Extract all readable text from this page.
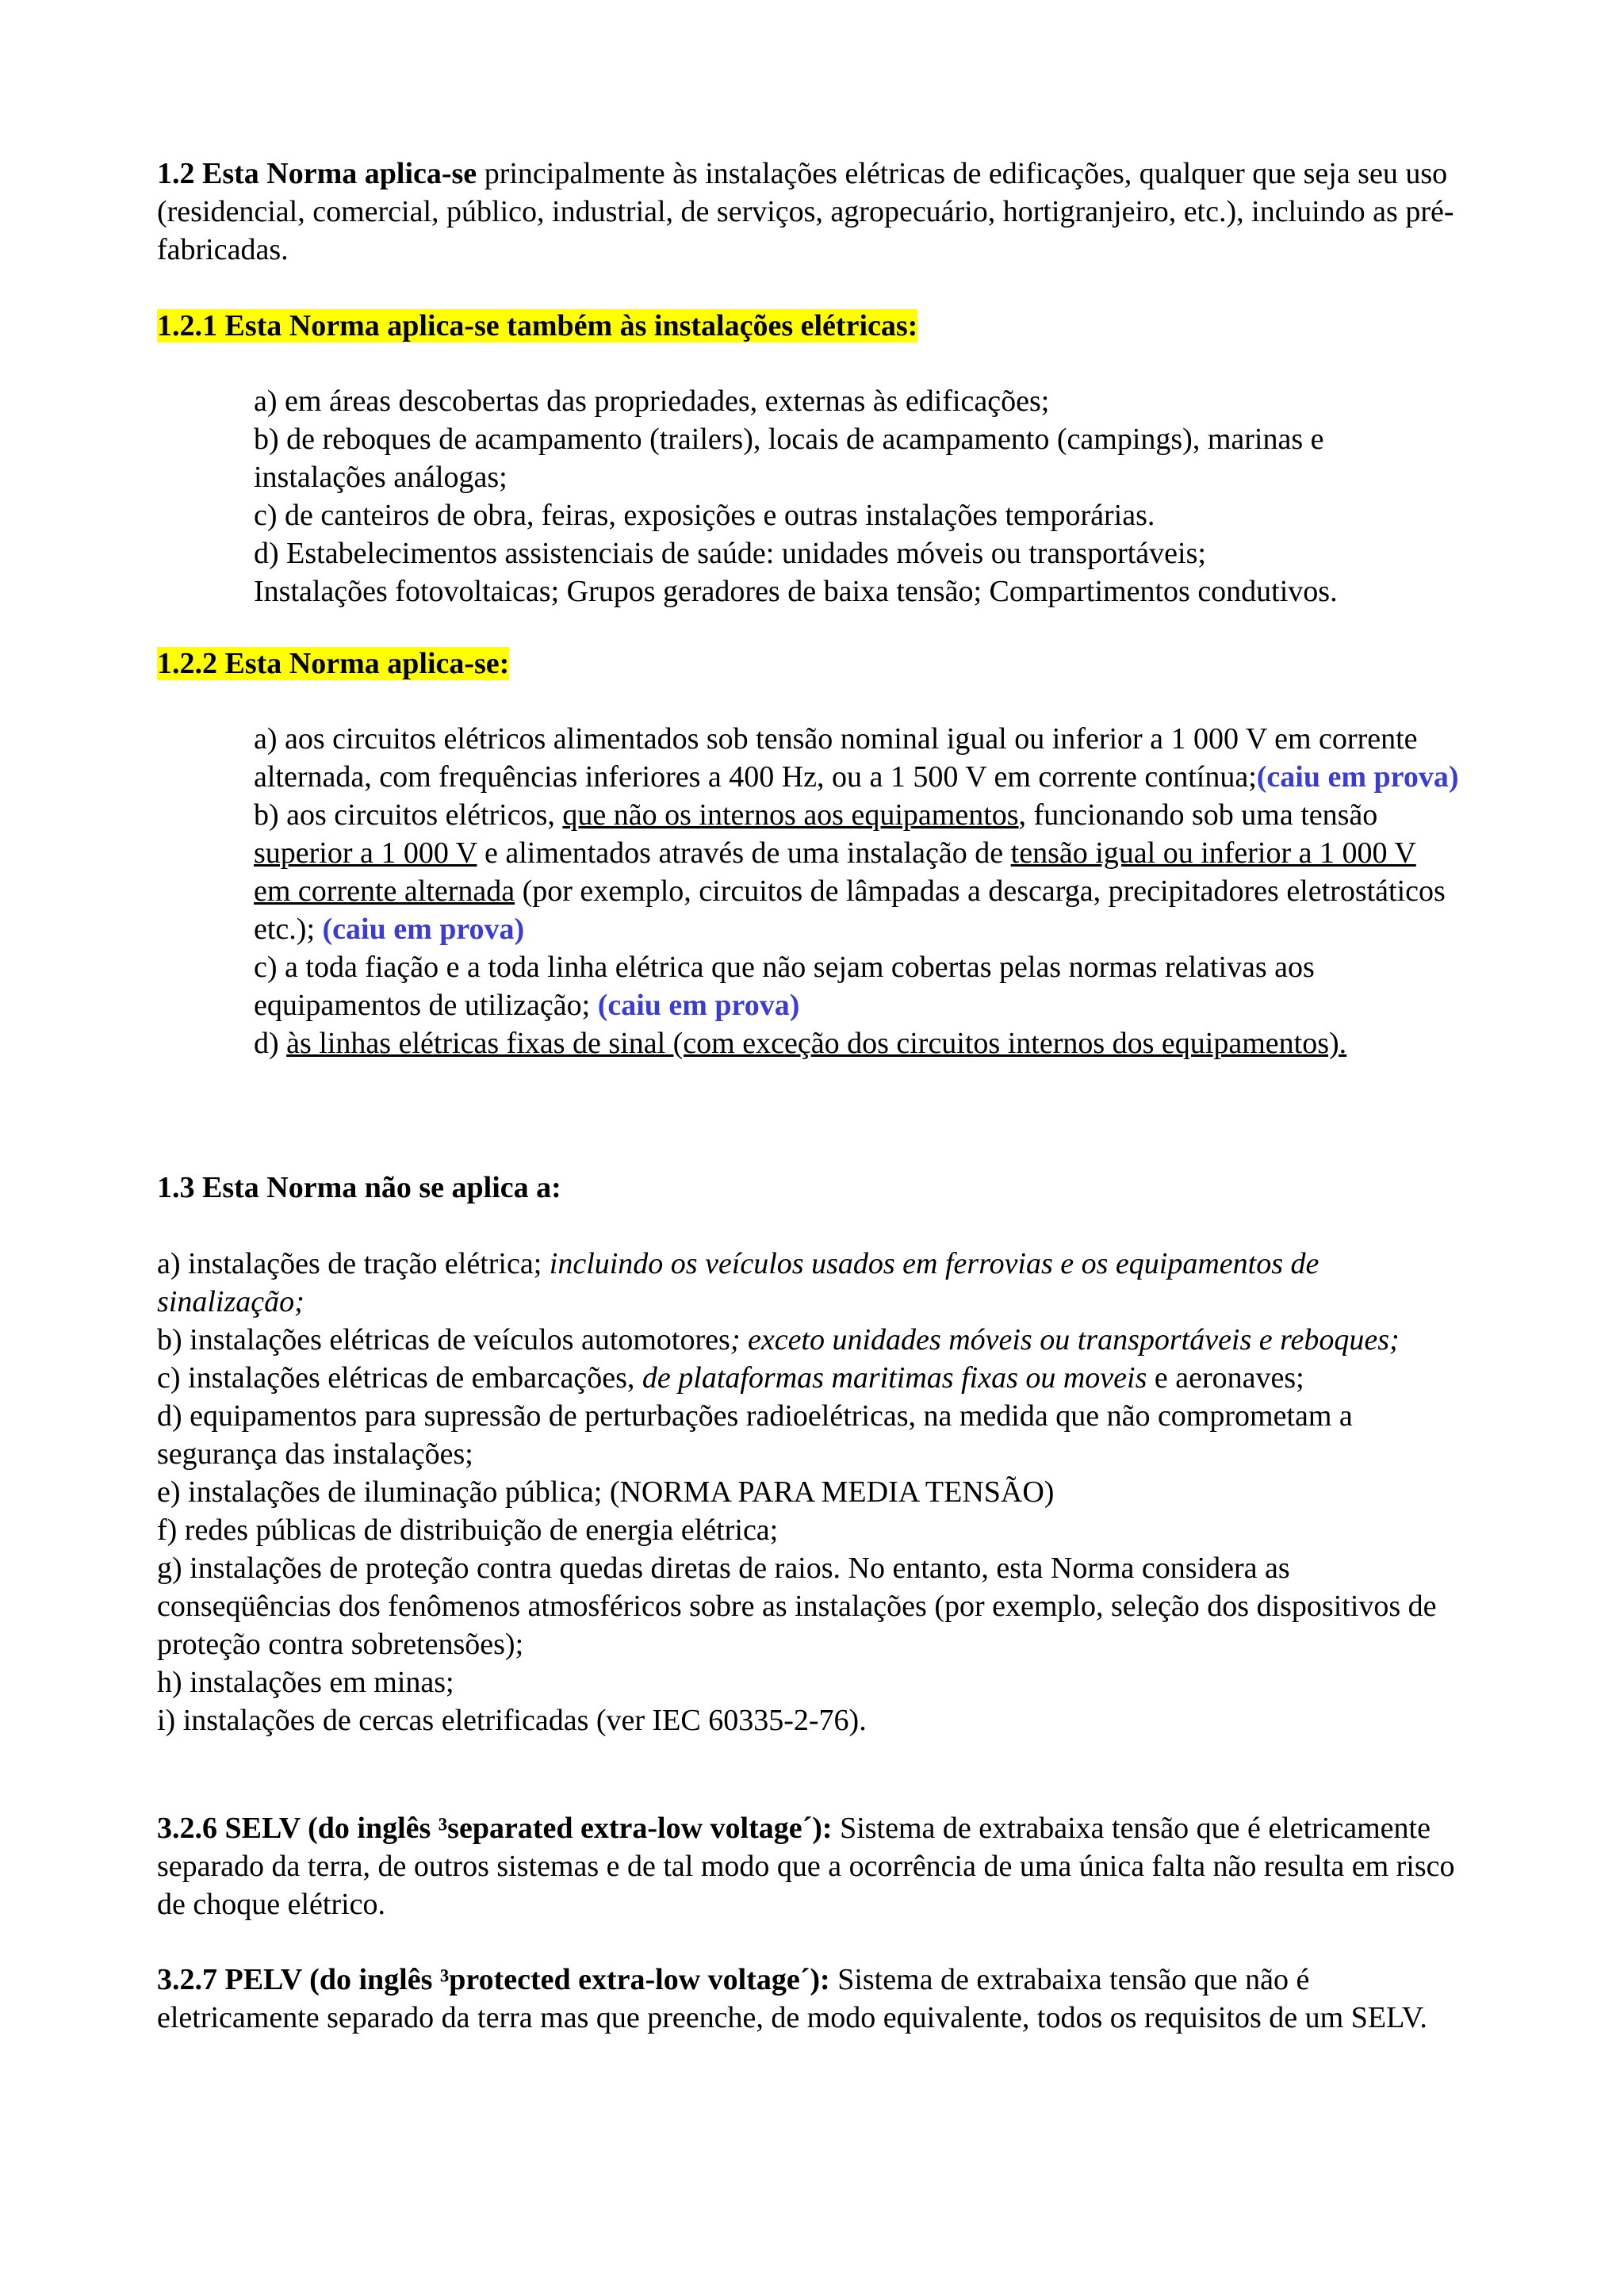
1.2 Esta Norma aplica-se principalmente às instalações elétricas de edificações, qualquer que seja seu uso (residencial, comercial, público, industrial, de serviços, agropecuário, hortigranjeiro, etc.), incluindo as pré-fabricadas.

1.2.1 Esta Norma aplica-se também às instalações elétricas:

a) em áreas descobertas das propriedades, externas às edificações;

b) de reboques de acampamento (trailers), locais de acampamento (campings), marinas e instalações análogas;

c) de canteiros de obra, feiras, exposições e outras instalações temporárias.

d) Estabelecimentos assistenciais de saúde: unidades móveis ou transportáveis;

Instalações fotovoltaicas; Grupos geradores de baixa tensão; Compartimentos condutivos.

1.2.2 Esta Norma aplica-se:

a) aos circuitos elétricos alimentados sob tensão nominal igual ou inferior a 1 000 V em corrente alternada, com frequências inferiores a 400 Hz, ou a 1 500 V em corrente contínua;(caiu em prova)

b) aos circuitos elétricos, que não os internos aos equipamentos, funcionando sob uma tensão superior a 1 000 V e alimentados através de uma instalação de tensão igual ou inferior a 1 000 V em corrente alternada (por exemplo, circuitos de lâmpadas a descarga, precipitadores eletrostáticos etc.); (caiu em prova)

c) a toda fiação e a toda linha elétrica que não sejam cobertas pelas normas relativas aos equipamentos de utilização; (caiu em prova)

d) às linhas elétricas fixas de sinal (com exceção dos circuitos internos dos equipamentos).

1.3 Esta Norma não se aplica a:

a) instalações de tração elétrica; incluindo os veículos usados em ferrovias e os equipamentos de sinalização;

b) instalações elétricas de veículos automotores; exceto unidades móveis ou transportáveis e reboques;

c) instalações elétricas de embarcações, de plataformas maritimas fixas ou moveis e aeronaves;

d) equipamentos para supressão de perturbações radioelétricas, na medida que não comprometam a segurança das instalações;

e) instalações de iluminação pública; (NORMA PARA MEDIA TENSÃO)

f) redes públicas de distribuição de energia elétrica;

g) instalações de proteção contra quedas diretas de raios. No entanto, esta Norma considera as conseqüências dos fenômenos atmosféricos sobre as instalações (por exemplo, seleção dos dispositivos de proteção contra sobretensões);

h) instalações em minas;

i) instalações de cercas eletrificadas (ver IEC 60335-2-76).

3.2.6 SELV (do inglês ³separated extra-low voltage´): Sistema de extrabaixa tensão que é eletricamente separado da terra, de outros sistemas e de tal modo que a ocorrência de uma única falta não resulta em risco de choque elétrico.

3.2.7 PELV (do inglês ³protected extra-low voltage´): Sistema de extrabaixa tensão que não é eletricamente separado da terra mas que preenche, de modo equivalente, todos os requisitos de um SELV.
